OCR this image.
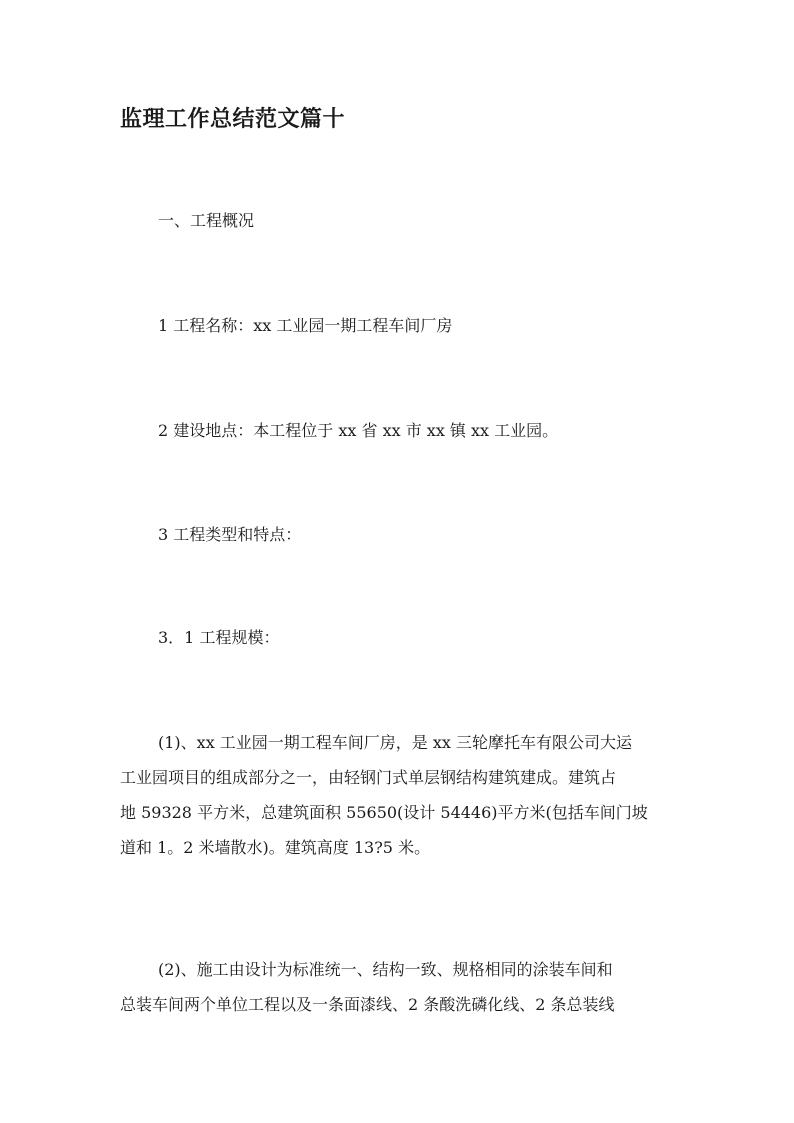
监理工作总结范文篇十

一、工程概况

1 工程名称：xx 工业园一期工程车间厂房

2 建设地点：本工程位于 xx 省 xx 市 xx 镇 xx 工业园。

3 工程类型和特点：

3．1 工程规模：

(1)、xx 工业园一期工程车间厂房，是 xx 三轮摩托车有限公司大运
工业园项目的组成部分之一，由轻钢门式单层钢结构建筑建成。建筑占
地 59328 平方米，总建筑面积 55650(设计 54446)平方米(包括车间门坡
道和 1。2 米墙散水)。建筑高度 13?5 米。

(2)、施工由设计为标准统一、结构一致、规格相同的涂装车间和
总装车间两个单位工程以及一条面漆线、2 条酸洗磷化线、2 条总装线
